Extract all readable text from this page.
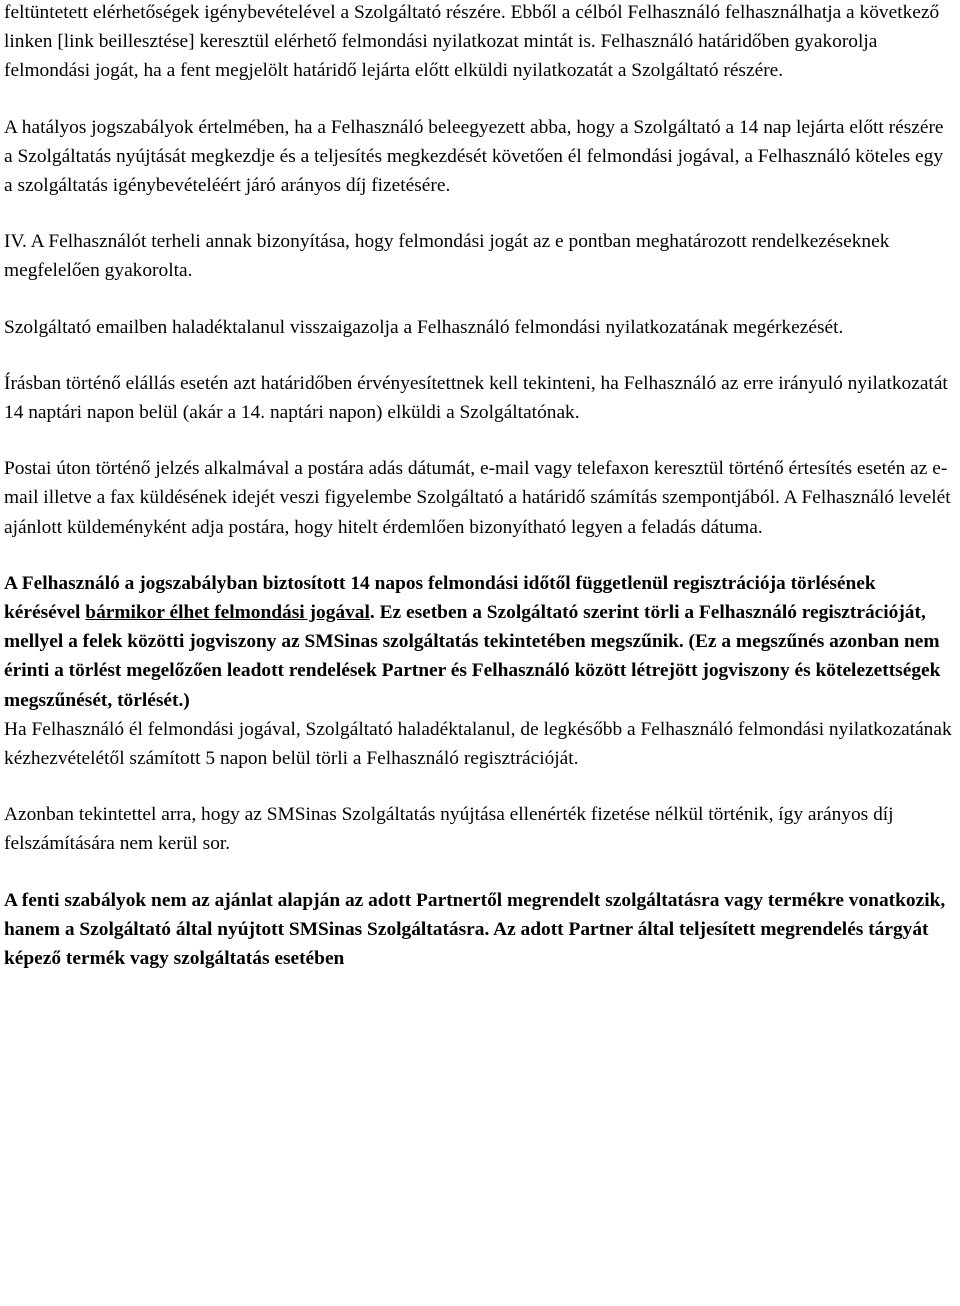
feltüntetett elérhetőségek igénybevételével a Szolgáltató részére. Ebből a célból Felhasználó felhasználhatja a következő linken [link beillesztése] keresztül elérhető felmondási nyilatkozat mintát is. Felhasználó határidőben gyakorolja felmondási jogát, ha a fent megjelölt határidő lejárta előtt elküldi nyilatkozatát a Szolgáltató részére.

A hatályos jogszabályok értelmében, ha a Felhasználó beleegyezett abba, hogy a Szolgáltató a 14 nap lejárta előtt részére a Szolgáltatás nyújtását megkezdje és a teljesítés megkezdését követően él felmondási jogával, a Felhasználó köteles egy a szolgáltatás igénybevételéért járó arányos díj fizetésére.

IV. A Felhasználót terheli annak bizonyítása, hogy felmondási jogát az e pontban meghatározott rendelkezéseknek megfelelően gyakorolta.

Szolgáltató emailben haladéktalanul visszaigazolja a Felhasználó felmondási nyilatkozatának megérkezését.

Írásban történő elállás esetén azt határidőben érvényesítettnek kell tekinteni, ha Felhasználó az erre irányuló nyilatkozatát 14 naptári napon belül (akár a 14. naptári napon) elküldi a Szolgáltatónak.

Postai úton történő jelzés alkalmával a postára adás dátumát, e-mail vagy telefaxon keresztül történő értesítés esetén az e-mail illetve a fax küldésének idejét veszi figyelembe Szolgáltató a határidő számítás szempontjából. A Felhasználó levelét ajánlott küldeményként adja postára, hogy hitelt érdemlően bizonyítható legyen a feladás dátuma.

A Felhasználó a jogszabályban biztosított 14 napos felmondási időtől függetlenül regisztrációja törlésének kérésével bármikor élhet felmondási jogával. Ez esetben a Szolgáltató szerint törli a Felhasználó regisztrációját, mellyel a felek közötti jogviszony az SMSinas szolgáltatás tekintetében megszűnik. (Ez a megszűnés azonban nem érinti a törlést megelőzően leadott rendelések Partner és Felhasználó között létrejött jogviszony és kötelezettségek megszűnését, törlését.)

Ha Felhasználó él felmondási jogával, Szolgáltató haladéktalanul, de legkésőbb a Felhasználó felmondási nyilatkozatának kézhezvételétől számított 5 napon belül törli a Felhasználó regisztrációját.

Azonban tekintettel arra, hogy az SMSinas Szolgáltatás nyújtása ellenérték fizetése nélkül történik, így arányos díj felszámítására nem kerül sor.

A fenti szabályok nem az ajánlat alapján az adott Partnertől megrendelt szolgáltatásra vagy termékre vonatkozik, hanem a Szolgáltató által nyújtott SMSinas Szolgáltatásra. Az adott Partner által teljesített megrendelés tárgyát képező termék vagy szolgáltatás esetében
